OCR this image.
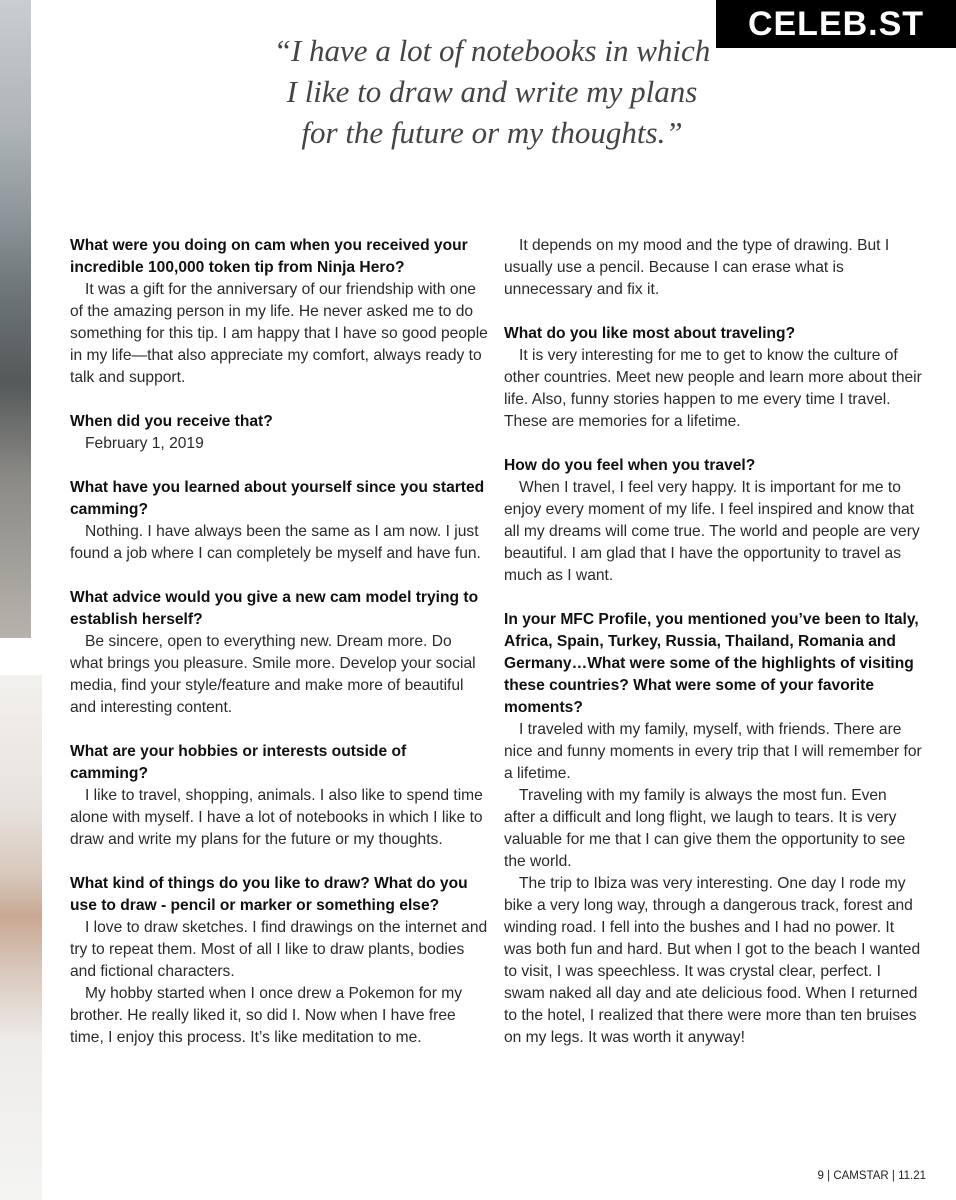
CELEB.ST

“I have a lot of notebooks in which
I like to draw and write my plans
for the future or my thoughts.”

What were you doing on cam when you received your incredible 100,000 token tip from Ninja Hero?

It was a gift for the anniversary of our friendship with one of the amazing person in my life. He never asked me to do something for this tip. I am happy that I have so good people in my life—that also appreciate my comfort, always ready to talk and support.

When did you receive that?

February 1, 2019

What have you learned about yourself since you started camming?

Nothing. I have always been the same as I am now. I just found a job where I can completely be myself and have fun.

What advice would you give a new cam model trying to establish herself?

Be sincere, open to everything new. Dream more. Do what brings you pleasure. Smile more. Develop your social media, find your style/feature and make more of beautiful and interesting content.

What are your hobbies or interests outside of camming?

I like to travel, shopping, animals. I also like to spend time alone with myself. I have a lot of notebooks in which I like to draw and write my plans for the future or my thoughts.

What kind of things do you like to draw? What do you use to draw - pencil or marker or something else?

I love to draw sketches. I find drawings on the internet and try to repeat them. Most of all I like to draw plants, bodies and fictional characters.

My hobby started when I once drew a Pokemon for my brother. He really liked it, so did I. Now when I have free time, I enjoy this process. It’s like meditation to me.

It depends on my mood and the type of drawing. But I usually use a pencil. Because I can erase what is unnecessary and fix it.

What do you like most about traveling?

It is very interesting for me to get to know the culture of other countries. Meet new people and learn more about their life. Also, funny stories happen to me every time I travel. These are memories for a lifetime.

How do you feel when you travel?

When I travel, I feel very happy. It is important for me to enjoy every moment of my life. I feel inspired and know that all my dreams will come true. The world and people are very beautiful. I am glad that I have the opportunity to travel as much as I want.

In your MFC Profile, you mentioned you’ve been to Italy, Africa, Spain, Turkey, Russia, Thailand, Romania and Germany…What were some of the highlights of visiting these countries? What were some of your favorite moments?

I traveled with my family, myself, with friends. There are nice and funny moments in every trip that I will remember for a lifetime.

Traveling with my family is always the most fun. Even after a difficult and long flight, we laugh to tears. It is very valuable for me that I can give them the opportunity to see the world.

The trip to Ibiza was very interesting. One day I rode my bike a very long way, through a dangerous track, forest and winding road. I fell into the bushes and I had no power. It was both fun and hard. But when I got to the beach I wanted to visit, I was speechless. It was crystal clear, perfect. I swam naked all day and ate delicious food. When I returned to the hotel, I realized that there were more than ten bruises on my legs. It was worth it anyway!

9 | CAMSTAR | 11.21
